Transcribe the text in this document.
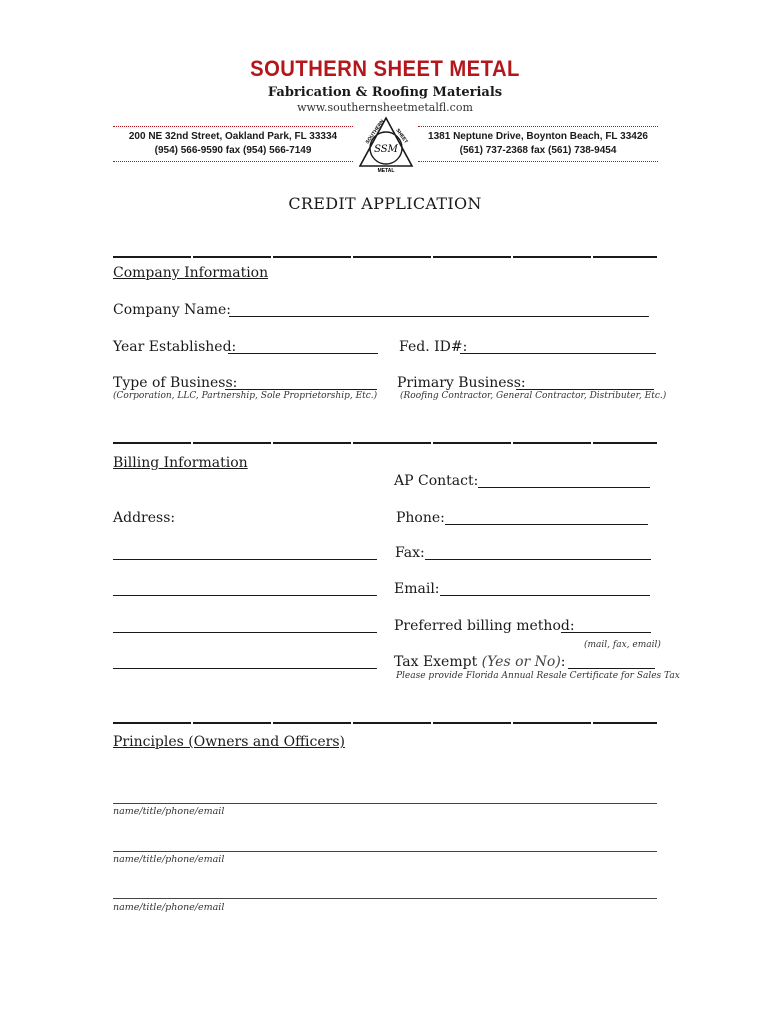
SOUTHERN SHEET METAL
Fabrication & Roofing Materials
www.southernsheetmetalfl.com
200 NE 32nd Street, Oakland Park, FL 33334
(954) 566-9590 fax (954) 566-7149
SOUTHERN SHEET
SSM
METAL
1381 Neptune Drive, Boynton Beach, FL 33426
(561) 737-2368 fax (561) 738-9454
CREDIT APPLICATION
Company Information
Company Name:
Year Established:	Fed. ID#:
Type of Business:
(Corporation, LLC, Partnership, Sole Proprietorship, Etc.)
Primary Business:
(Roofing Contractor, General Contractor, Distributer, Etc.)
Billing Information
AP Contact:
Address:	Phone:
Fax:
Email:
Preferred billing method:
(mail, fax, email)
Tax Exempt (Yes or No):
Please provide Florida Annual Resale Certificate for Sales Tax
Principles (Owners and Officers)
name/title/phone/email
name/title/phone/email
name/title/phone/email
